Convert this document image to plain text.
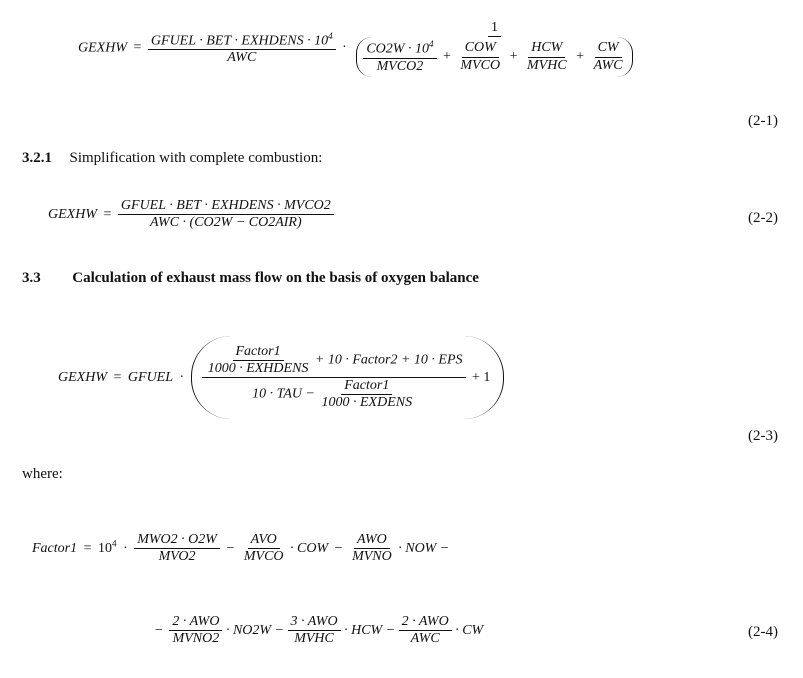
GEXHW = $\frac{GFUEL \cdot BET \cdot EXHDENS \cdot 10^4}{\text{AWC}}$ ·
1
$\frac{CO2W \cdot 10^4}{\text{MVCO2}} + \frac{\text{COW}}{\text{MVCO}} + \frac{\text{HCW}}{\text{MVHC}} + \frac{CW}{\text{AWC}}$
(2-1)
3.2.1 Simplification with complete combustion:
GEXHW = $\frac{\text{GFUEL · BET · EXHDENS · MVCO2}}{\text{AWC · (CO2W − CO2AIR)}}$	(2-2)
3.3 Calculation of exhaust mass flow on the basis of oxygen balance
GEXHW = GFUEL · $\frac{\text{Factor1}}{\text{1000 · EXHDENS}} + 10$ · Factor2 + 10 · EPS
10 · TAU − $\frac{\text{Factor1}}{\text{1000 · EXDENS}}$
+ 1
(2-3)
where:
Factor1 = $10^4 \cdot \frac{\text{MWO2 · O2W}}{\text{MVO2}} - \frac{\text{AVO}}{\text{MVCO}}$ · COW − $\frac{\text{AWO}}{\text{MVNO}}$ · NOW −
− $\frac{\text{2 · AWO}}{\text{MVNO2}} \cdot NO2W - \frac{\text{3 · AWO}}{\text{MVHC}}$ · HCW − $\frac{\text{2 · AWO}}{\text{AWC}}$ · CW	(2-4)
